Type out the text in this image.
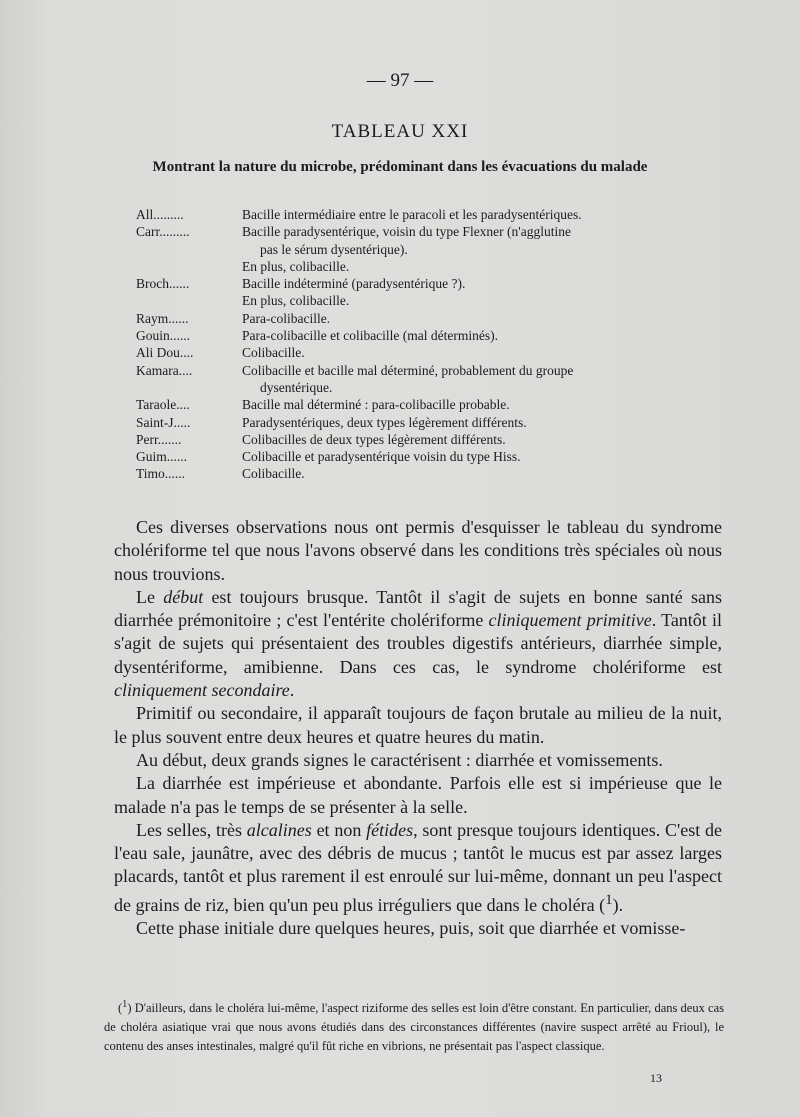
— 97 —
TABLEAU XXI
Montrant la nature du microbe, prédominant dans les évacuations du malade
All.........	Bacille intermédiaire entre le paracoli et les paradysentériques.
Carr.........	Bacille paradysentérique, voisin du type Flexner (n'agglutine
pas le sérum dysentérique).
En plus, colibacille.
Broch......	Bacille indéterminé (paradysentérique ?).
En plus, colibacille.
Raym......	Para-colibacille.
Gouin......	Para-colibacille et colibacille (mal déterminés).
Ali Dou....	Colibacille.
Kamara....	Colibacille et bacille mal déterminé, probablement du groupe
dysentérique.
Taraole....	Bacille mal déterminé : para-colibacille probable.
Saint-J.....	Paradysentériques, deux types légèrement différents.
Perr.......	Colibacilles de deux types légèrement différents.
Guim......	Colibacille et paradysentérique voisin du type Hiss.
Timo......	Colibacille.

Ces diverses observations nous ont permis d'esquisser le tableau du syndrome cholériforme tel que nous l'avons observé dans les conditions très spéciales où nous nous trouvions.

Le début est toujours brusque. Tantôt il s'agit de sujets en bonne santé sans diarrhée prémonitoire ; c'est l'entérite cholériforme cliniquement primitive. Tantôt il s'agit de sujets qui présentaient des troubles digestifs antérieurs, diarrhée simple, dysentériforme, amibienne. Dans ces cas, le syndrome cholériforme est cliniquement secondaire.

Primitif ou secondaire, il apparaît toujours de façon brutale au milieu de la nuit, le plus souvent entre deux heures et quatre heures du matin.

Au début, deux grands signes le caractérisent : diarrhée et vomissements.

La diarrhée est impérieuse et abondante. Parfois elle est si impérieuse que le malade n'a pas le temps de se présenter à la selle.

Les selles, très alcalines et non fétides, sont presque toujours identiques. C'est de l'eau sale, jaunâtre, avec des débris de mucus ; tantôt le mucus est par assez larges placards, tantôt et plus rarement il est enroulé sur lui-même, donnant un peu l'aspect de grains de riz, bien qu'un peu plus irréguliers que dans le choléra ($^1$).

Cette phase initiale dure quelques heures, puis, soit que diarrhée et vomisse-

($^1$) D'ailleurs, dans le choléra lui-même, l'aspect riziforme des selles est loin d'être constant. En particulier, dans deux cas de choléra asiatique vrai que nous avons étudiés dans des circonstances différentes (navire suspect arrêté au Frioul), le contenu des anses intestinales, malgré qu'il fût riche en vibrions, ne présentait pas l'aspect classique.

13
